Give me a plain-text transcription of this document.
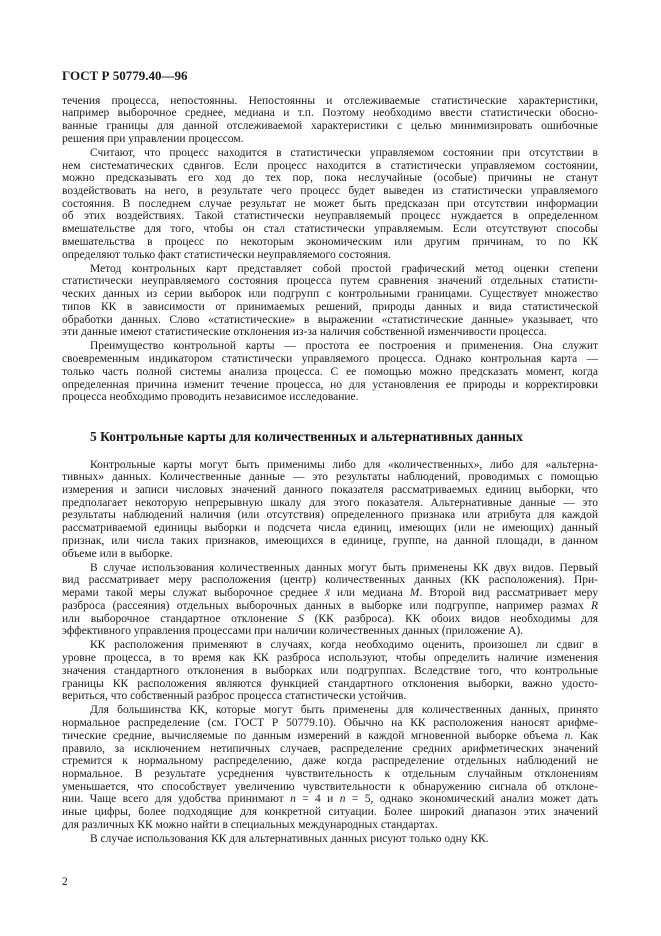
ГОСТ Р 50779.40—96
течения процесса, непостоянны. Непостоянны и отслеживаемые статистические характеристики,
например выборочное среднее, медиана и т.п. Поэтому необходимо ввести статистически обосно-
ванные границы для данной отслеживаемой характеристики с целью минимизировать ошибочные
решения при управлении процессом.
Считают, что процесс находится в статистически управляемом состоянии при отсутствии в
нем систематических сдвигов. Если процесс находится в статистически управляемом состоянии,
можно предсказывать его ход до тех пор, пока неслучайные (особые) причины не станут
воздействовать на него, в результате чего процесс будет выведен из статистически управляемого
состояния. В последнем случае результат не может быть предсказан при отсутствии информации
об этих воздействиях. Такой статистически неуправляемый процесс нуждается в определенном
вмешательстве для того, чтобы он стал статистически управляемым. Если отсутствуют способы
вмешательства в процесс по некоторым экономическим или другим причинам, то по КК
определяют только факт статистически неуправляемого состояния.
Метод контрольных карт представляет собой простой графический метод оценки степени
статистически неуправляемого состояния процесса путем сравнения значений отдельных статисти-
ческих данных из серии выборок или подгрупп с контрольными границами. Существует множество
типов КК в зависимости от принимаемых решений, природы данных и вида статистической
обработки данных. Слово «статистические» в выражении «статистические данные» указывает, что
эти данные имеют статистические отклонения из-за наличия собственной изменчивости процесса.
Преимущество контрольной карты — простота ее построения и применения. Она служит
своевременным индикатором статистически управляемого процесса. Однако контрольная карта —
только часть полной системы анализа процесса. С ее помощью можно предсказать момент, когда
определенная причина изменит течение процесса, но для установления ее природы и корректировки
процесса необходимо проводить независимое исследование.
5 Контрольные карты для количественных и альтернативных данных
Контрольные карты могут быть применимы либо для «количественных», либо для «альтерна-
тивных» данных. Количественные данные — это результаты наблюдений, проводимых с помощью
измерения и записи числовых значений данного показателя рассматриваемых единиц выборки, что
предполагает некоторую непрерывную шкалу для этого показателя. Альтернативные данные — это
результаты наблюдений наличия (или отсутствия) определенного признака или атрибута для каждой
рассматриваемой единицы выборки и подсчета числа единиц, имеющих (или не имеющих) данный
признак, или числа таких признаков, имеющихся в единице, группе, на данной площади, в данном
объеме или в выборке.
В случае использования количественных данных могут быть применены КК двух видов. Первый
вид рассматривает меру расположения (центр) количественных данных (КК расположения). При-
мерами такой меры служат выборочное среднее x̄ или медиана M. Второй вид рассматривает меру
разброса (рассеяния) отдельных выборочных данных в выборке или подгруппе, например размах R
или выборочное стандартное отклонение S (КК разброса). КК обоих видов необходимы для
эффективного управления процессами при наличии количественных данных (приложение А).
КК расположения применяют в случаях, когда необходимо оценить, произошел ли сдвиг в
уровне процесса, в то время как КК разброса используют, чтобы определить наличие изменения
значения стандартного отклонения в выборках или подгруппах. Вследствие того, что контрольные
границы КК расположения являются функцией стандартного отклонения выборки, важно удосто-
вериться, что собственный разброс процесса статистически устойчив.
Для большинства КК, которые могут быть применены для количественных данных, принято
нормальное распределение (см. ГОСТ Р 50779.10). Обычно на КК расположения наносят арифме-
тические средние, вычисляемые по данным измерений в каждой мгновенной выборке объема n. Как
правило, за исключением нетипичных случаев, распределение средних арифметических значений
стремится к нормальному распределению, даже когда распределение отдельных наблюдений не
нормальное. В результате усреднения чувствительность к отдельным случайным отклонениям
уменьшается, что способствует увеличению чувствительности к обнаружению сигнала об отклоне-
нии. Чаще всего для удобства принимают n = 4 и n = 5, однако экономический анализ может дать
иные цифры, более подходящие для конкретной ситуации. Более широкий диапазон этих значений
для различных КК можно найти в специальных международных стандартах.
В случае использования КК для альтернативных данных рисуют только одну КК.
2
